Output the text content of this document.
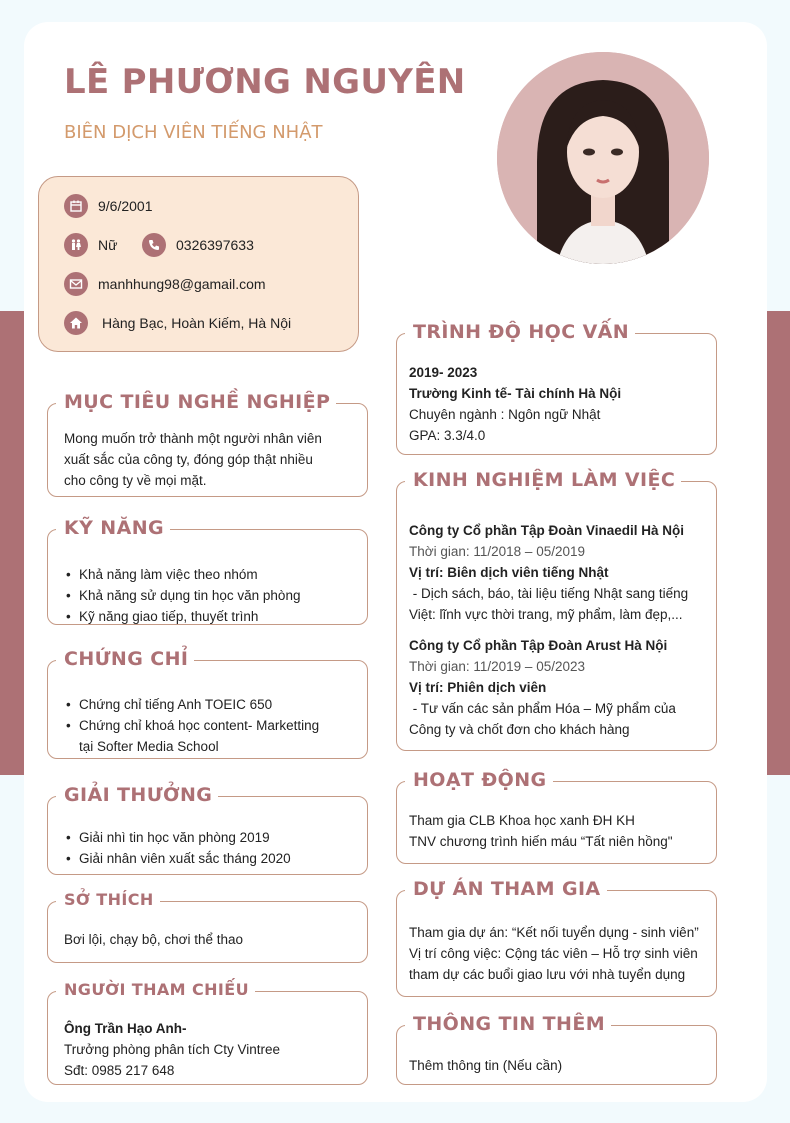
LÊ PHƯƠNG NGUYÊN
BIÊN DỊCH VIÊN TIẾNG NHẬT
9/6/2001
Nữ	0326397633
manhhung98@gamail.com
Hàng Bạc, Hoàn Kiếm, Hà Nội
MỤC TIÊU NGHỀ NGHIỆP
Mong muốn trở thành một người nhân viên
xuất sắc của công ty, đóng góp thật nhiều
cho công ty về mọi mặt.
KỸ NĂNG
• Khả năng làm việc theo nhóm
• Khả năng sử dụng tin học văn phòng
• Kỹ năng giao tiếp, thuyết trình
CHỨNG CHỈ
• Chứng chỉ tiếng Anh TOEIC 650
• Chứng chỉ khoá học content- Marketting
tại Softer Media School
GIẢI THƯỞNG
• Giải nhì tin học văn phòng 2019
• Giải nhân viên xuất sắc tháng 2020
SỞ THÍCH
Bơi lội, chạy bộ, chơi thể thao
NGƯỜI THAM CHIẾU
Ông Trần Hạo Anh-
Trưởng phòng phân tích Cty Vintree
Sđt: 0985 217 648
TRÌNH ĐỘ HỌC VẤN
2019- 2023
Trường Kinh tế- Tài chính Hà Nội
Chuyên ngành : Ngôn ngữ Nhật
GPA: 3.3/4.0
KINH NGHIỆM LÀM VIỆC
Công ty Cổ phần Tập Đoàn Vinaedil Hà Nội
Thời gian: 11/2018 – 05/2019
Vị trí: Biên dịch viên tiếng Nhật
- Dịch sách, báo, tài liệu tiếng Nhật sang tiếng
Việt: lĩnh vực thời trang, mỹ phẩm, làm đẹp,...
Công ty Cổ phần Tập Đoàn Arust Hà Nội
Thời gian: 11/2019 – 05/2023
Vị trí: Phiên dịch viên
- Tư vấn các sản phẩm Hóa – Mỹ phẩm của
Công ty và chốt đơn cho khách hàng
HOẠT ĐỘNG
Tham gia CLB Khoa học xanh ĐH KH
TNV chương trình hiến máu “Tất niên hồng"
DỰ ÁN THAM GIA
Tham gia dự án: “Kết nối tuyển dụng - sinh viên”
Vị trí công việc: Cộng tác viên – Hỗ trợ sinh viên
tham dự các buổi giao lưu với nhà tuyển dụng
THÔNG TIN THÊM
Thêm thông tin (Nếu cần)
